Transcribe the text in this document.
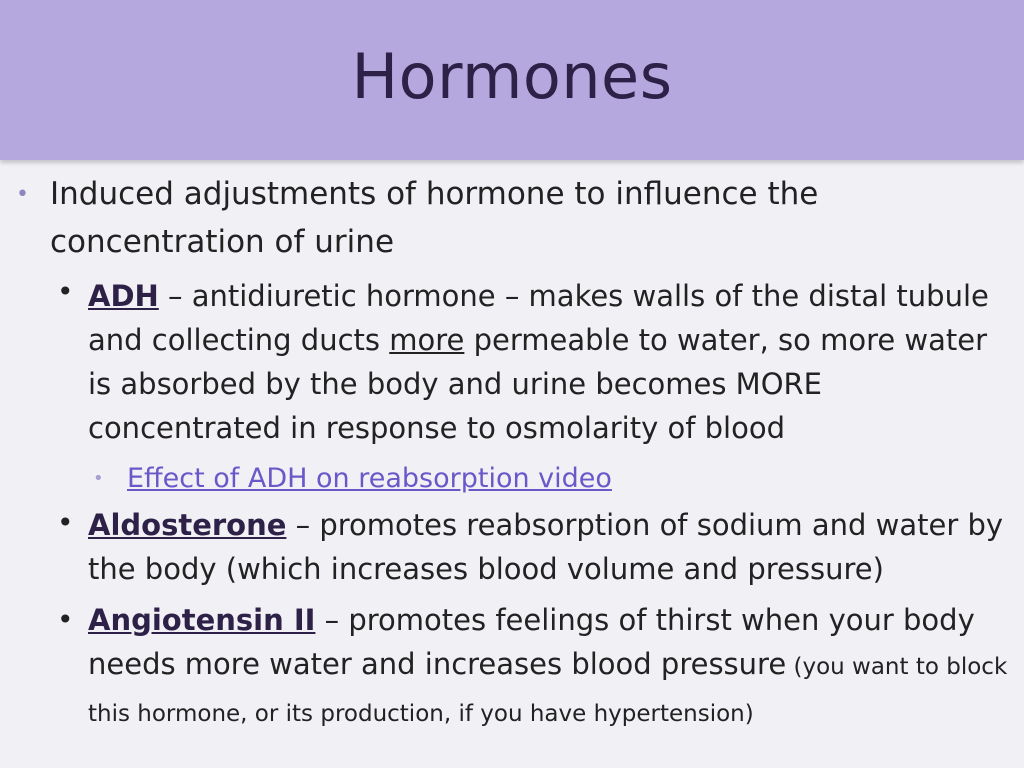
Hormones
• Induced adjustments of hormone to influence the concentration of urine
• ADH – antidiuretic hormone – makes walls of the distal tubule and collecting ducts more permeable to water, so more water is absorbed by the body and urine becomes MORE concentrated in response to osmolarity of blood
• Effect of ADH on reabsorption video
• Aldosterone – promotes reabsorption of sodium and water by the body (which increases blood volume and pressure)
• Angiotensin II – promotes feelings of thirst when your body needs more water and increases blood pressure (you want to block this hormone, or its production, if you have hypertension)
